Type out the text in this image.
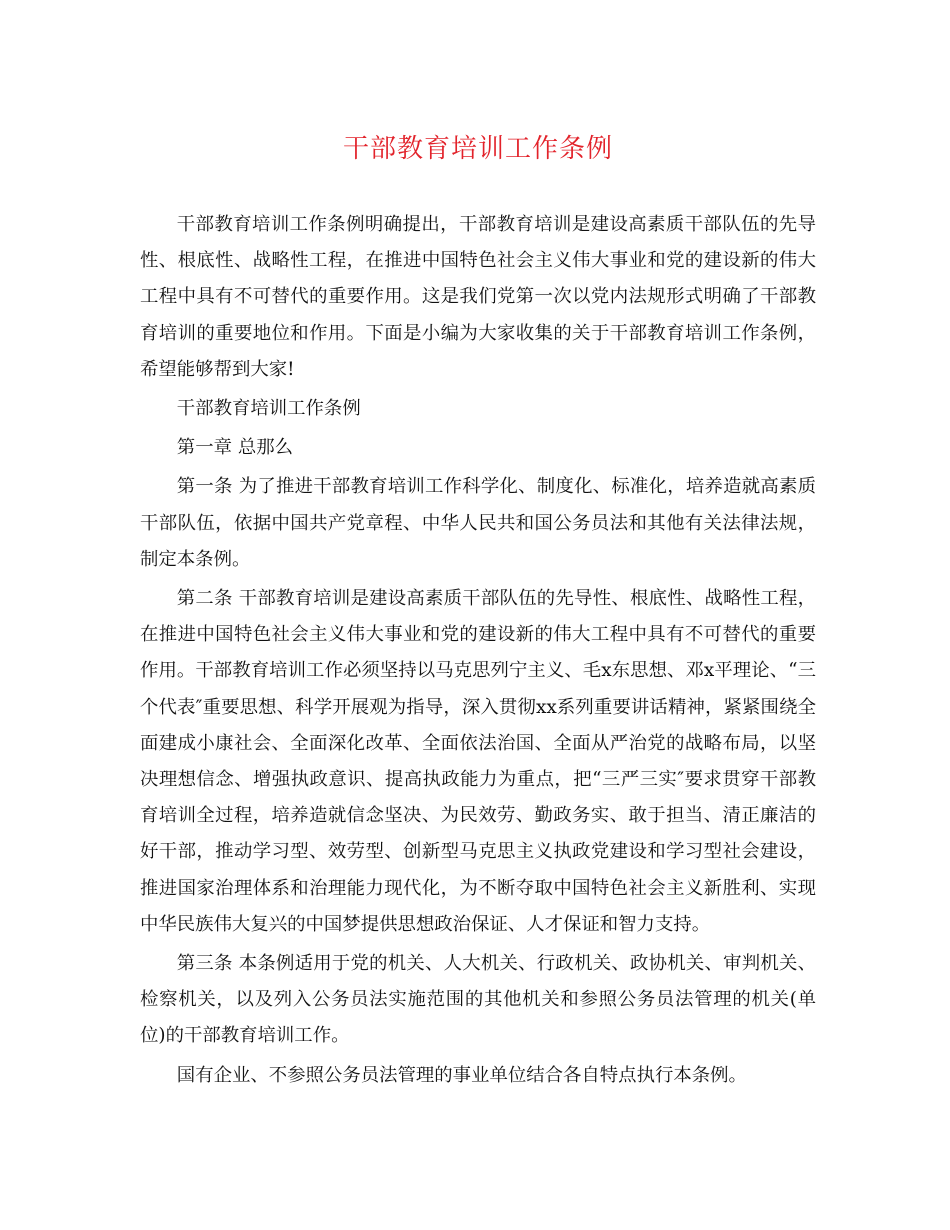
干部教育培训工作条例

干部教育培训工作条例明确提出，干部教育培训是建设高素质干部队伍的先导性、根底性、战略性工程，在推进中国特色社会主义伟大事业和党的建设新的伟大工程中具有不可替代的重要作用。这是我们党第一次以党内法规形式明确了干部教育培训的重要地位和作用。下面是小编为大家收集的关于干部教育培训工作条例，希望能够帮到大家!

干部教育培训工作条例

第一章 总那么

第一条 为了推进干部教育培训工作科学化、制度化、标准化，培养造就高素质干部队伍，依据中国共产党章程、中华人民共和国公务员法和其他有关法律法规，制定本条例。

第二条 干部教育培训是建设高素质干部队伍的先导性、根底性、战略性工程，在推进中国特色社会主义伟大事业和党的建设新的伟大工程中具有不可替代的重要作用。干部教育培训工作必须坚持以马克思列宁主义、毛x东思想、邓x平理论、“三个代表″重要思想、科学开展观为指导，深入贯彻xx系列重要讲话精神，紧紧围绕全面建成小康社会、全面深化改革、全面依法治国、全面从严治党的战略布局，以坚决理想信念、增强执政意识、提高执政能力为重点，把“三严三实″要求贯穿干部教育培训全过程，培养造就信念坚决、为民效劳、勤政务实、敢于担当、清正廉洁的好干部，推动学习型、效劳型、创新型马克思主义执政党建设和学习型社会建设，推进国家治理体系和治理能力现代化，为不断夺取中国特色社会主义新胜利、实现中华民族伟大复兴的中国梦提供思想政治保证、人才保证和智力支持。

第三条 本条例适用于党的机关、人大机关、行政机关、政协机关、审判机关、检察机关，以及列入公务员法实施范围的其他机关和参照公务员法管理的机关(单位)的干部教育培训工作。

国有企业、不参照公务员法管理的事业单位结合各自特点执行本条例。
